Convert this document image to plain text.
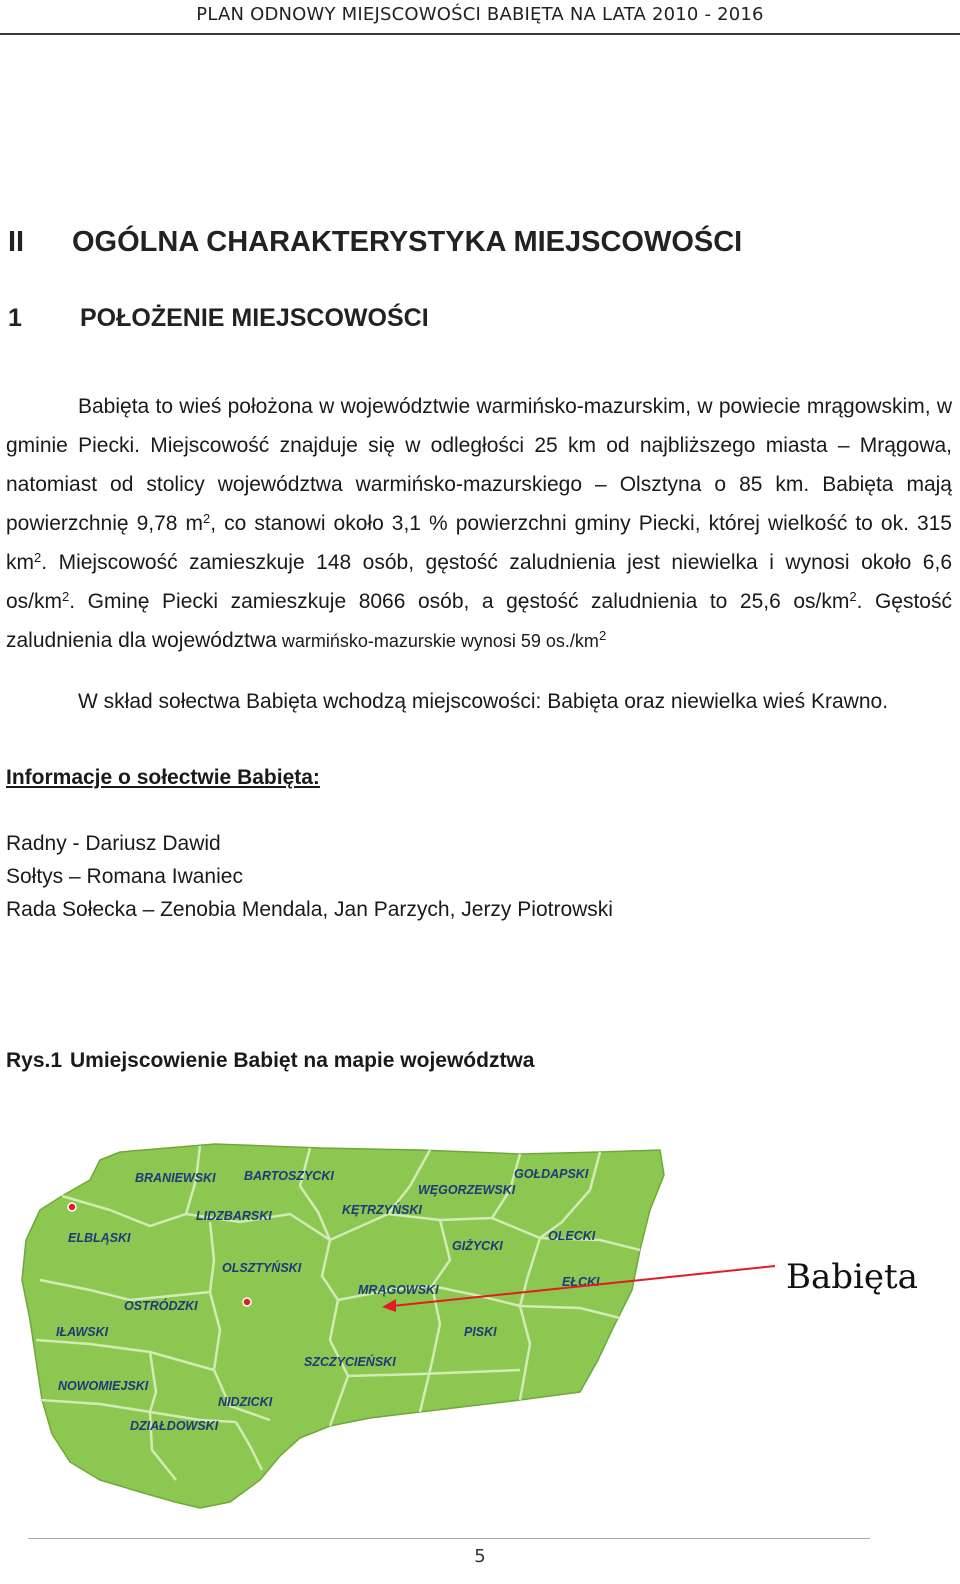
PLAN ODNOWY MIEJSCOWOŚCI BABIĘTA NA LATA 2010 - 2016
II OGÓLNA CHARAKTERYSTYKA MIEJSCOWOŚCI
1 POŁOŻENIE MIEJSCOWOŚCI
Babięta to wieś położona w województwie warmińsko-mazurskim, w powiecie mrągowskim, w gminie Piecki. Miejscowość znajduje się w odległości 25 km od najbliższego miasta – Mrągowa, natomiast od stolicy województwa warmińsko-mazurskiego – Olsztyna o 85 km. Babięta mają powierzchnię 9,78 $m^2$, co stanowi około 3,1 % powierzchni gminy Piecki, której wielkość to ok. 315 $km^2$. Miejscowość zamieszkuje 148 osób, gęstość zaludnienia jest niewielka i wynosi około 6,6 $os/km^2$. Gminę Piecki zamieszkuje 8066 osób, a gęstość zaludnienia to 25,6 $os/km^2$. Gęstość zaludnienia dla województwa warmińsko-mazurskie wynosi 59 $os./km^2$
W skład sołectwa Babięta wchodzą miejscowości: Babięta oraz niewielka wieś Krawno.
Informacje o sołectwie Babięta:
Radny - Dariusz Dawid
Sołtys – Romana Iwaniec
Rada Sołecka – Zenobia Mendala, Jan Parzych, Jerzy Piotrowski
Rys.1 Umiejscowienie Babięt na mapie województwa
BRANIEWSKI BARTOSZYCKI	GOŁDAPSKI
WĘGORZEWSKI
LIDZBARSKI	KĘTRZYŃSKI
ELBLĄSKI	OLECKI
GIŻYCKI
OLSZTYŃSKI
EŁCKI
MRĄGOWSKI
OSTRÓDZKI
IŁAWSKI	PISKI
SZCZYCIEŃSKI
NOWOMIEJSKI
NIDZICKI
DZIAŁDOWSKI
Babięta
5
